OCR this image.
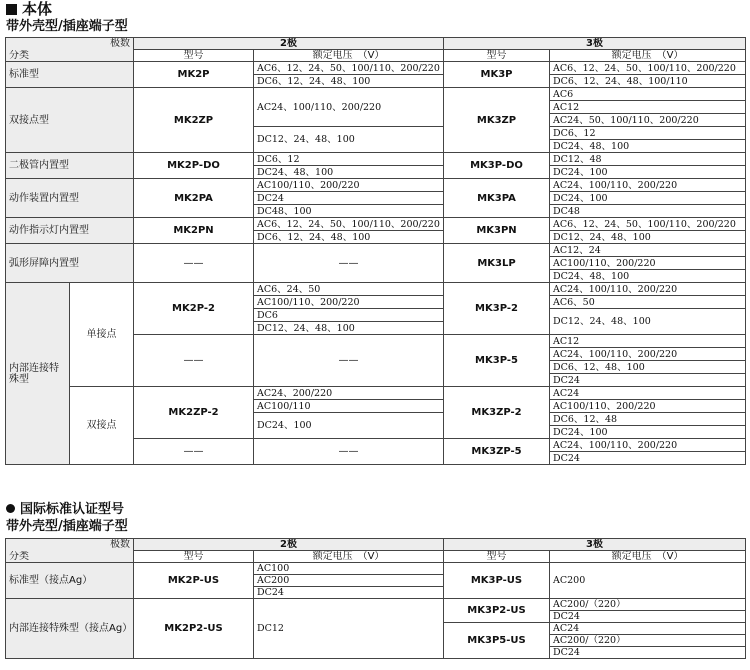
本体
带外壳型/插座端子型
极数		2极		3极	
分类		型号	额定电压　（V）	型号	额定电压　（V）
标准型		MK2P	AC6、12、24、50、100/110、200/220	MK3P	AC6、12、24、50、100/110、200/220
			DC6、12、24、48、100		DC6、12、24、48、100/110
双接点型		MK2ZP	AC24、100/110、200/220	MK3ZP	AC6
					AC12
					AC24、50、100/110、200/220
			DC12、24、48、100		DC6、12
					DC24、48、100
二极管内置型		MK2P-DO	DC6、12	MK3P-DO	DC12、48
			DC24、48、100		DC24、100
动作装置内置型		MK2PA	AC100/110、200/220	MK3PA	AC24、100/110、200/220
			DC24		DC24、100
			DC48、100		DC48
动作指示灯内置型		MK2PN	AC6、12、24、50、100/110、200/220	MK3PN	AC6、12、24、50、100/110、200/220
			DC6、12、24、48、100		DC12、24、48、100
弧形屏障内置型		——	——	MK3LP	AC12、24
					AC100/110、200/220
					DC24、48、100
内部连接特殊型	单接点	MK2P-2	AC6、24、50	MK3P-2	AC24、100/110、200/220
			AC100/110、200/220		AC6、50
			DC6		DC12、24、48、100
			DC12、24、48、100		
		——	——	MK3P-5	AC12
					AC24、100/110、200/220
					DC6、12、48、100
					DC24
	双接点	MK2ZP-2	AC24、200/220	MK3ZP-2	AC24
			AC100/110		AC100/110、200/220
			DC24、100		DC6、12、48
					DC24、100
		——	——	MK3ZP-5	AC24、100/110、200/220
					DC24
国际标准认证型号
带外壳型/插座端子型
极数	2极		3极	
分类	型号	额定电压　（V）	型号	额定电压　（V）
标准型（接点Ag）	MK2P-US	AC100	MK3P-US	AC200
		AC200		
		DC24		
内部连接特殊型（接点Ag）	MK2P2-US	DC12	MK3P2-US	AC200/（220）
				DC24
			MK3P5-US	AC24
				AC200/（220）
				DC24
